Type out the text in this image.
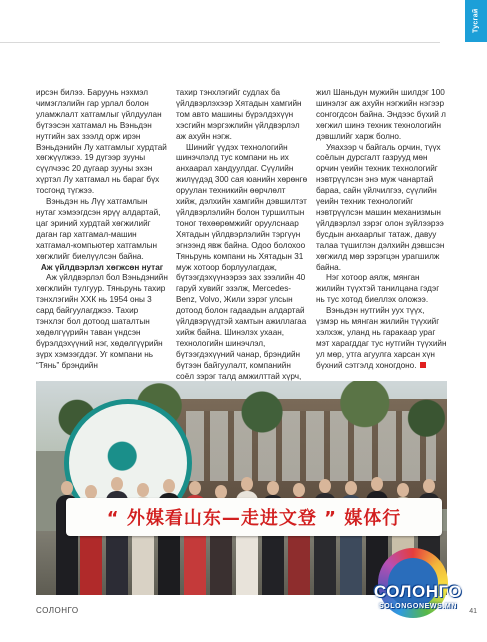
Тусгай

ирсэн билээ. Баруунь нэхмэл чимэглэлийн гар урлал болон уламжлалт хатгамлыг үйлдуулан бүтээсэн хатгамал нь Вэньдэн нутгийн зах зээлд орж ирэн Вэньдэнийн Лу хатгамлыг хурдтай хөгжүүлжээ. 19 дүгээр зууны сүүлчээс 20 дугаар зууны эхэн хүртэл Лу хатгамал нь бараг бүх тосгонд түгжээ.

Вэньдэн нь Лүү хатгамлын нутаг хэмээгдсэн ярүү алдартай, цаг эриний хурдтай хөгжилийг даган гар хатгамал-машин хатгамал-компьютер хатгамлын хөгжлийг биелүүлсэн байна.

Аж үйлдвэрлэл хөгжсөн нутаг

Аж үйлдвэрлэл бол Вэньдэнийн хөгжлийн тулгуур. Тяньрунь тахир тэнхлэгийн ХХК нь 1954 оны 3 сард байгуулагджээ. Тахир тэнхлэг бол дотоод шаталтын хөдөлгүүрийн таван үндсэн бүрэлдэхүүний нэг, хөдөлгүүрийн зүрх хэмээгддэг. Уг компани нь “Тянь” брэндийн

тахир тэнхлэгийг судлах ба үйлдвэрлэхээр Хятадын хамгийн том авто машины бүрэлдэхүүн хэсгийн мэргэжлийн үйлдвэрлэл аж ахуйн нэгж.

Шинийг үүдэх технологийн шинэчлэлд тус компани нь их анхаарал хандуулдаг. Сүүлийн жилүүдэд 300 сая юанийн хөрөнгө оруулан техникийн өөрчлөлт хийж, дэлхийн хамгийн дэвшилтэт үйлдвэрлэлийн болон туршилтын тоног төхөөрөмжийг оруулснаар Хятадын үйлдвэрлэлийн тэргүүн эгнээнд явж байна. Одоо болохоо Тяньрунь компани нь Хятадын 31 муж хотоор борлуулагдаж, бүтээгдэхүүнээрээ зах зээлийн 40 гаруй хувийг эзэлж, Mercedes-Benz, Volvo, Жили зэрэг улсын дотоод болон гадаадын алдартай үйлдвэрүүдтэй хамтын ажиллагаа хийж байна. Шинэлэх ухаан, технологийн шинэчлэл, бүтээгдэхүүний чанар, брэндийн бүтээн байгуулалт, компанийн соёл зэрэг талд амжилттай хүрч,

жил Шаньдун мужийн шилдэг 100 шинэлэг аж ахуйн нэгжийн нэгээр сонгогдсон байна. Эндээс бүхий л хөгжил шинэ техник технологийн дэвшлийг харж болно.

Уяахээр ч байгаль орчин, түүх соёлын дурсгалт газрууд мөн орчин үеийн техник технологийг нэвтрүүлсэн энэ муж чанартай бараа, сайн үйлчилгээ, сүүлийн үеийн техник технологийг нэвтрүүлсэн машин механизмын үйлдвэрлэл зэрэг олон зүйлээрээ бусдын анхаарлыг татаж, давуу талаа түшиглэн дэлхийн дэвшсэн хөгжилд мөр зэрэгцэн урагшилж байна.

Нэг хотоор аялж, мянган жилийн түүхтэй танилцана гэдэг нь тус хотод биеллэх оложээ.

Вэньдэн нутгийн уух түүх, үзмэр нь мянган жилийн түүхийг хэлхэж, уланд нь гаракаар ураг мэт харагддаг тус нутгийн түүхийн ул мөр, утга агуулга харсан хүн бүхний сэтгэлд хоногдоно.

“ 外媒看山东—走进文登 ” 媒体行
СОЛОНГО
СОЛОНГО
SOLONGONEWS.MN
41
